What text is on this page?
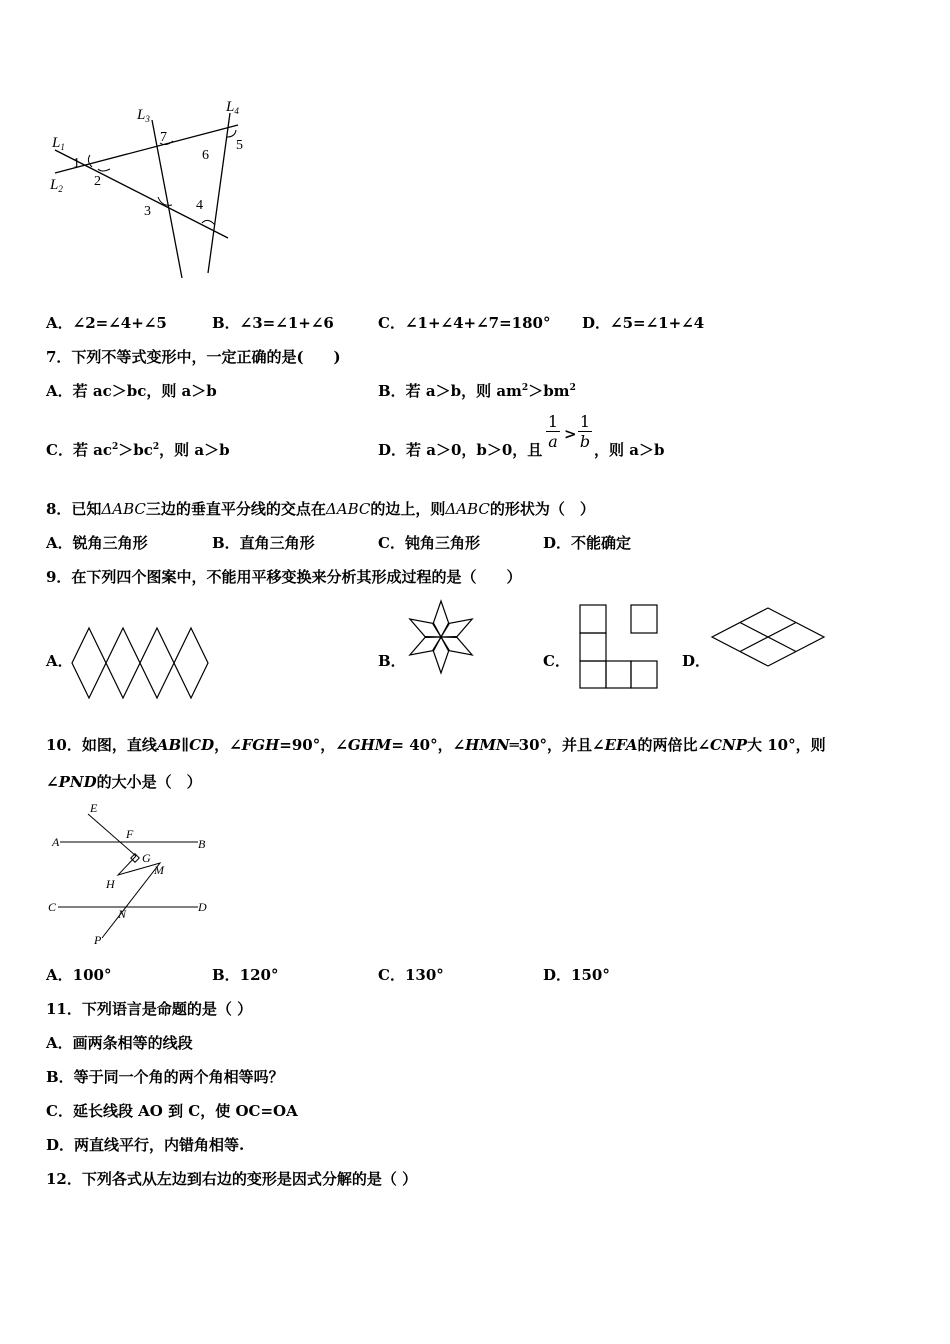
$L_1$
$L_2$
$L_3$
$L_4$
1
2
3	4
5
6
7
A．∠2=∠4+∠5	B．∠3=∠1+∠6	C．∠1+∠4+∠7=180° D．∠5=∠1+∠4
7．下列不等式变形中，一定正确的是(　　)
A．若 ac＞bc，则 a＞b	B．若 a＞b，则 $am^2>bm^2$
C．若 $ac^2>bc^2$，则 a＞b	D．若 a＞0，b＞0，且
1
a >
1
b ，则 a＞b
8．已知ΔABC三边的垂直平分线的交点在ΔABC的边上，则ΔABC的形状为（　）
A．锐角三角形	B．直角三角形	C．钝角三角形	D．不能确定
9．在下列四个图案中，不能用平移变换来分析其形成过程的是（　　）
A．	B．	C．	D．
10．如图，直线AB∥CD，∠FGH=90°，∠GHM= 40°，∠HMN═30°，并且∠EFA的两倍比∠CNP大 10°，则
∠PND的大小是（　）
E
A
F
B
G
M
H
C	N	D
P
A．100°	B．120°	C．130°	D．150°
11．下列语言是命题的是（ ）
A．画两条相等的线段
B．等于同一个角的两个角相等吗？
C．延长线段 AO 到 C，使 OC=OA
D．两直线平行，内错角相等.
12．下列各式从左边到右边的变形是因式分解的是（ ）
